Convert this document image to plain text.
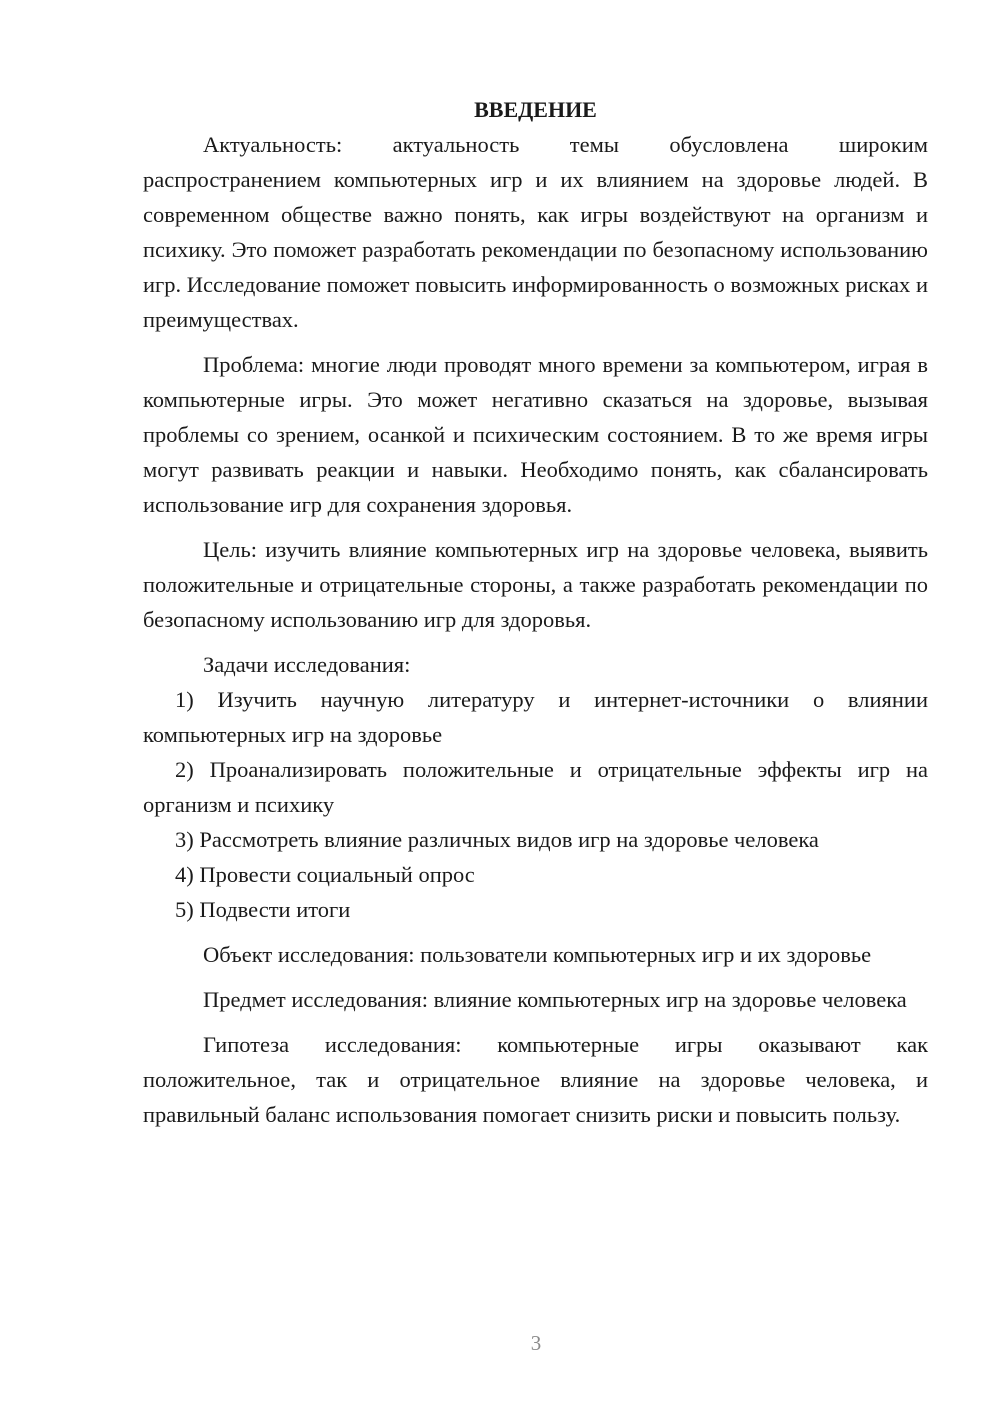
ВВЕДЕНИЕ

Актуальность: актуальность темы обусловлена широким распространением компьютерных игр и их влиянием на здоровье людей. В современном обществе важно понять, как игры воздействуют на организм и психику. Это поможет разработать рекомендации по безопасному использованию игр. Исследование поможет повысить информированность о возможных рисках и преимуществах.

Проблема: многие люди проводят много времени за компьютером, играя в компьютерные игры. Это может негативно сказаться на здоровье, вызывая проблемы со зрением, осанкой и психическим состоянием. В то же время игры могут развивать реакции и навыки. Необходимо понять, как сбалансировать использование игр для сохранения здоровья.

Цель: изучить влияние компьютерных игр на здоровье человека, выявить положительные и отрицательные стороны, а также разработать рекомендации по безопасному использованию игр для здоровья.

Задачи исследования:

1) Изучить научную литературу и интернет-источники о влиянии компьютерных игр на здоровье

2) Проанализировать положительные и отрицательные эффекты игр на организм и психику

3) Рассмотреть влияние различных видов игр на здоровье человека

4) Провести социальный опрос

5) Подвести итоги

Объект исследования: пользователи компьютерных игр и их здоровье

Предмет исследования: влияние компьютерных игр на здоровье человека

Гипотеза исследования: компьютерные игры оказывают как положительное, так и отрицательное влияние на здоровье человека, и правильный баланс использования помогает снизить риски и повысить пользу.

3
